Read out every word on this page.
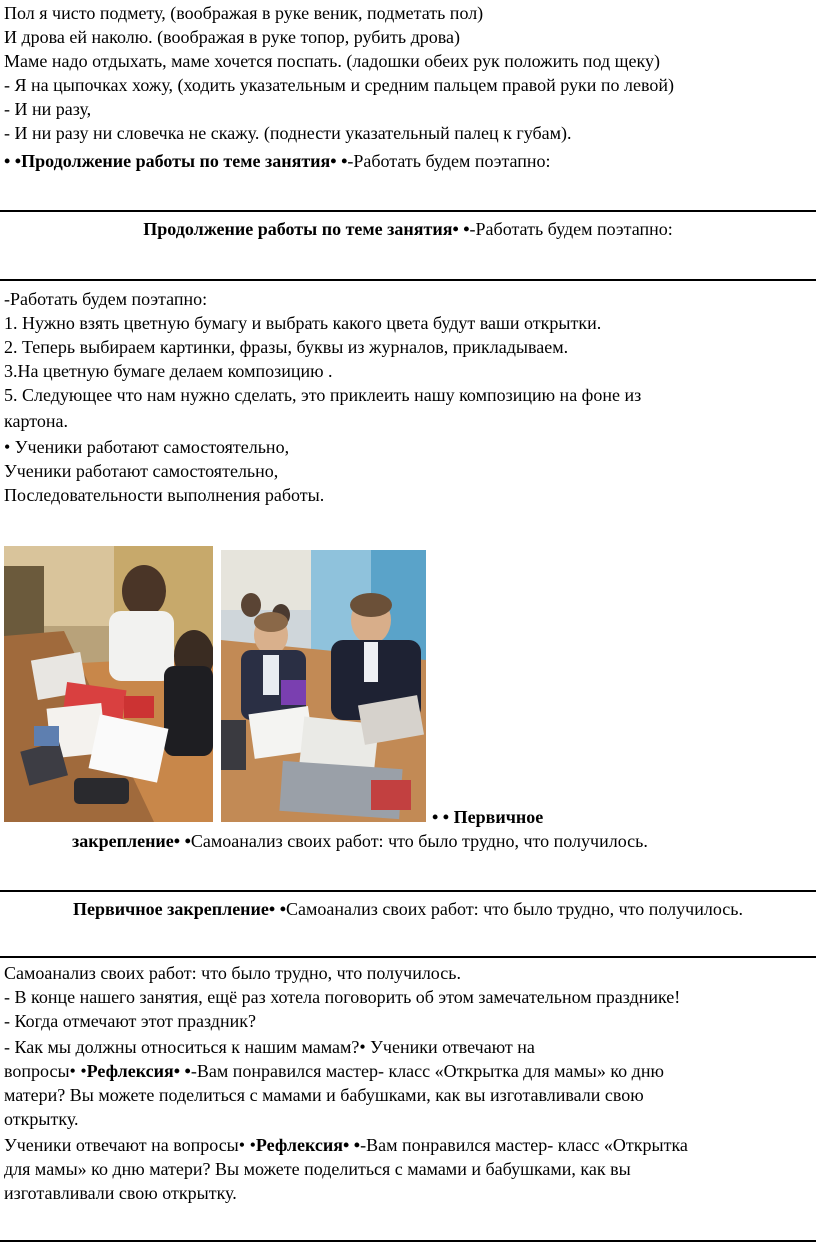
Пол я чисто подмету, (воображая в руке веник, подметать пол)
И дрова ей наколю. (воображая в руке топор, рубить дрова)
Маме надо отдыхать, маме хочется поспать. (ладошки обеих рук положить под щеку)
- Я на цыпочках хожу, (ходить указательным и средним пальцем правой руки по левой)
- И ни разу,
- И ни разу ни словечка не скажу. (поднести указательный палец к губам).
• •Продолжение работы по теме занятия• •-Работать будем поэтапно:
Продолжение работы по теме занятия• •-Работать будем поэтапно:
-Работать будем поэтапно:
1. Нужно взять цветную бумагу и выбрать какого цвета будут ваши открытки.
2. Теперь выбираем картинки, фразы, буквы из журналов, прикладываем.
3.На цветную бумаге делаем композицию .
5. Следующее что нам нужно сделать, это приклеить нашу композицию на фоне из
картона.
• Ученики работают самостоятельно,
Ученики работают самостоятельно,
Последовательности выполнения работы.
• • Первичное
закрепление• •Самоанализ своих работ: что было трудно, что получилось.
Первичное закрепление• •Самоанализ своих работ: что было трудно, что получилось.
Самоанализ своих работ: что было трудно, что получилось.
- В конце нашего занятия, ещё раз хотела поговорить об этом замечательном празднике!
- Когда отмечают этот праздник?
- Как мы должны относиться к нашим мамам?• Ученики отвечают на
вопросы• •Рефлексия• •-Вам понравился мастер- класс «Открытка для мамы» ко дню
матери? Вы можете поделиться с мамами и бабушками, как вы изготавливали свою
открытку.
Ученики отвечают на вопросы• •Рефлексия• •-Вам понравился мастер- класс «Открытка
для мамы» ко дню матери? Вы можете поделиться с мамами и бабушками, как вы
изготавливали свою открытку.
